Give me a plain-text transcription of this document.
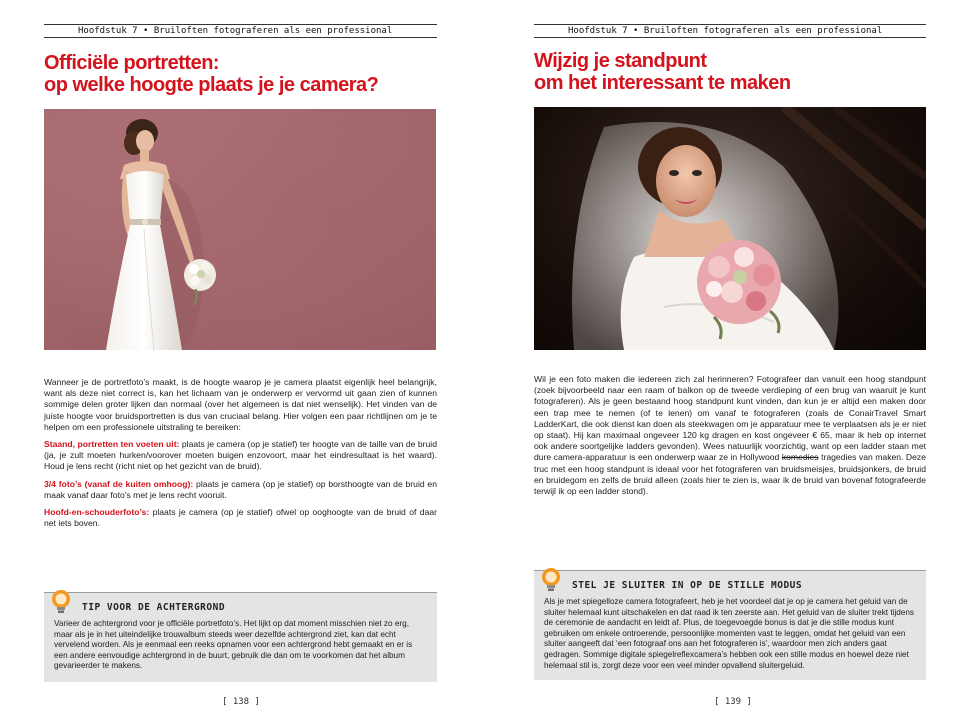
Hoofdstuk 7 • Bruiloften fotograferen als een professional
Officiële portretten:
op welke hoogte plaats je je camera?

Wanneer je de portretfoto’s maakt, is de hoogte waarop je je camera plaatst eigenlijk heel belangrijk, want als deze niet correct is, kan het lichaam van je onderwerp er vervormd uit gaan zien of kunnen sommige delen groter lijken dan normaal (over het algemeen is dat niet wenselijk). Het vinden van de juiste hoogte voor bruidsportretten is dus van cruciaal belang. Hier volgen een paar richtlijnen om je te helpen om een professionele uitstraling te bereiken:

Staand, portretten ten voeten uit: plaats je camera (op je statief) ter hoogte van de taille van de bruid (ja, je zult moeten hurken/voorover moeten buigen enzovoort, maar het eindresultaat is het waard). Houd je lens recht (richt niet op het gezicht van de bruid).

3/4 foto’s (vanaf de kuiten omhoog): plaats je camera (op je statief) op borsthoogte van de bruid en maak vanaf daar foto’s met je lens recht vooruit.

Hoofd-en-schouderfoto’s: plaats je camera (op je statief) ofwel op ooghoogte van de bruid of daar net iets boven.

TIP VOOR DE ACHTERGROND
Varieer de achtergrond voor je officiële portretfoto’s. Het lijkt op dat moment misschien niet zo erg, maar als je in het uiteindelijke trouwalbum steeds weer dezelfde achtergrond ziet, kan dat echt vervelend worden. Als je eenmaal een reeks opnamen voor een achtergrond hebt gemaakt en er is een andere eenvoudige achtergrond in de buurt, gebruik die dan om te voorkomen dat het album gevarieerder te makens.
[ 138 ]
Hoofdstuk 7 • Bruiloften fotograferen als een professional
Wijzig je standpunt
om het interessant te maken

Wil je een foto maken die iedereen zich zal herinneren? Fotografeer dan vanuit een hoog standpunt (zoek bijvoorbeeld naar een raam of balkon op de tweede verdieping of een brug van waaruit je kunt fotograferen). Als je geen bestaand hoog standpunt kunt vinden, dan kun je er altijd een maken door een trap mee te nemen (of te lenen) om vanaf te fotograferen (zoals de ConairTravel Smart LadderKart, die ook dienst kan doen als steekwagen om je apparatuur mee te verplaatsen als je er niet op staat). Hij kan maximaal ongeveer 120 kg dragen en kost ongeveer € 65, maar ik heb op internet ook andere soortgelijke ladders gevonden). Wees natuurlijk voorzichtig, want op een ladder staan met dure camera-apparatuur is een onderwerp waar ze in Hollywood komedies tragedies van maken. Deze truc met een hoog standpunt is ideaal voor het fotograferen van bruidsmeisjes, bruidsjonkers, de bruid en bruidegom en zelfs de bruid alleen (zoals hier te zien is, waar ik de bruid van bovenaf fotografeerde terwijl ik op een ladder stond).

STEL JE SLUITER IN OP DE STILLE MODUS
Als je met spiegelloze camera fotografeert, heb je het voordeel dat je op je camera het geluid van de sluiter helemaal kunt uitschakelen en dat raad ik ten zeerste aan. Het geluid van de sluiter trekt tijdens de ceremonie de aandacht en leidt af. Plus, de toegevoegde bonus is dat je die stille modus kunt gebruiken om enkele ontroerende, persoonlijke momenten vast te leggen, omdat het geluid van een sluiter aangeeft dat ‘een fotograaf ons aan het fotograferen is’, waardoor men zich anders gaat gedragen. Sommige digitale spiegelreflexcamera’s hebben ook een stille modus en hoewel deze niet helemaal stil is, zorgt deze voor een veel minder opvallend sluitergeluid.
[ 139 ]
